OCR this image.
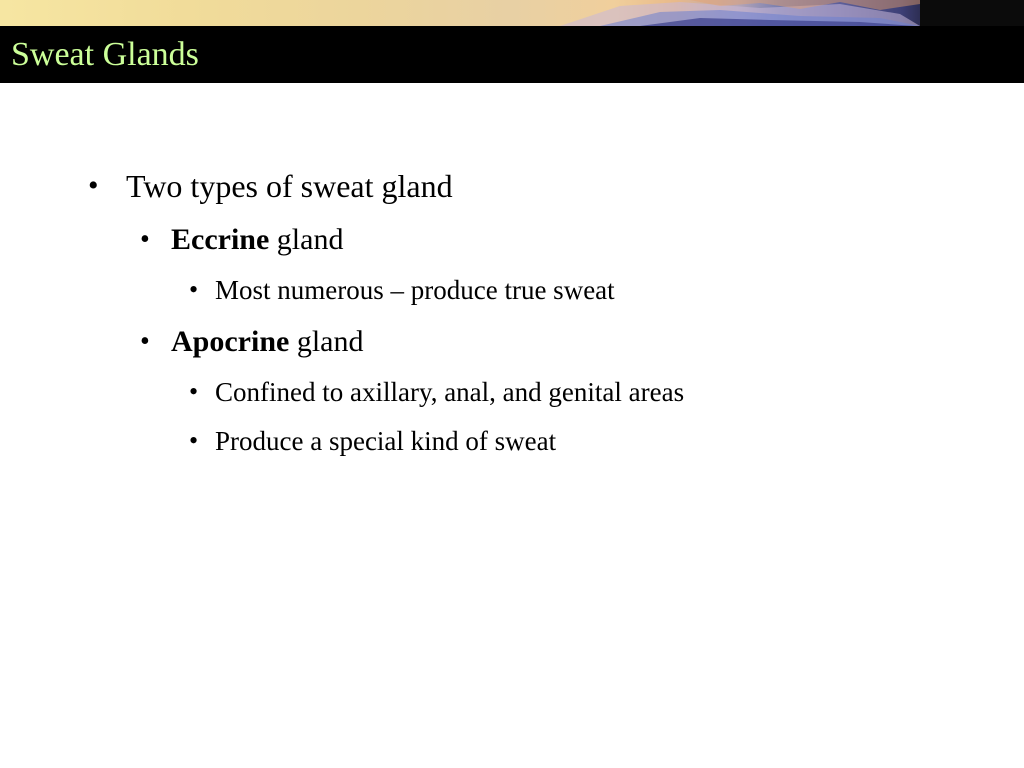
Sweat Glands
• Two types of sweat gland
• Eccrine gland
• Most numerous – produce true sweat
• Apocrine gland
• Confined to axillary, anal, and genital areas
• Produce a special kind of sweat
